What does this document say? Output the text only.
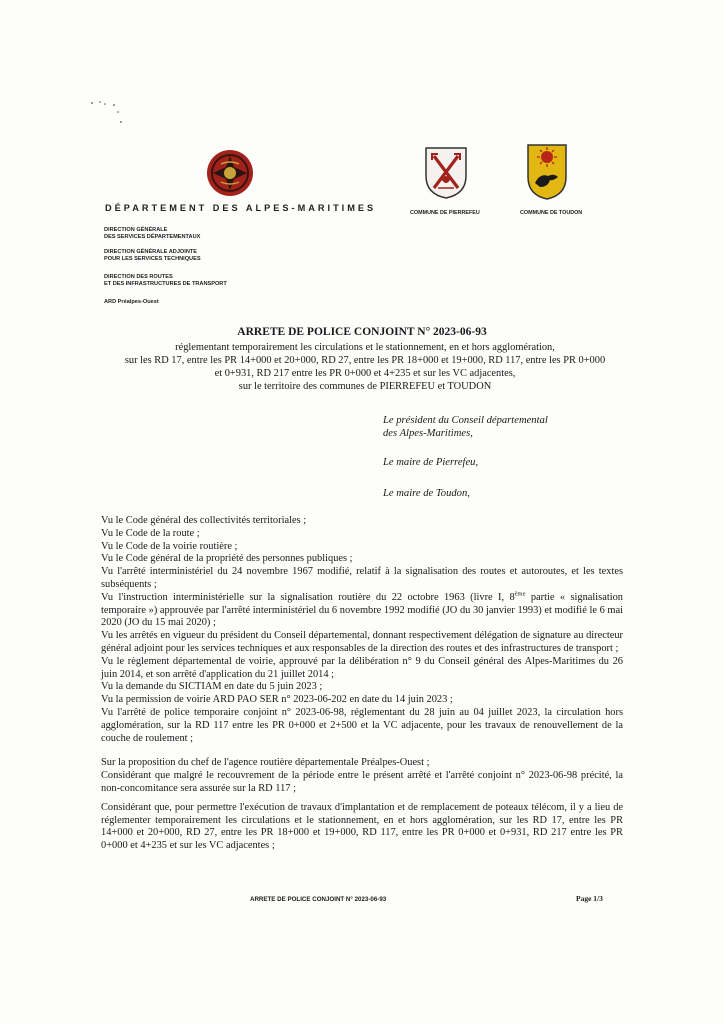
DÉPARTEMENT DES ALPES-MARITIMES
DIRECTION GÉNÉRALE
DES SERVICES DÉPARTEMENTAUX
DIRECTION GÉNÉRALE ADJOINTE
POUR LES SERVICES TECHNIQUES
DIRECTION DES ROUTES
ET DES INFRASTRUCTURES DE TRANSPORT
ARD Préalpes-Ouest
COMMUNE DE PIERREFEU	COMMUNE DE TOUDON
ARRETE DE POLICE CONJOINT N° 2023-06-93
réglementant temporairement les circulations et le stationnement, en et hors agglomération,
sur les RD 17, entre les PR 14+000 et 20+000, RD 27, entre les PR 18+000 et 19+000, RD 117, entre les PR 0+000
et 0+931, RD 217 entre les PR 0+000 et 4+235 et sur les VC adjacentes,
sur le territoire des communes de PIERREFEU et TOUDON
Le président du Conseil départemental
des Alpes-Maritimes,
Le maire de Pierrefeu,
Le maire de Toudon,

Vu le Code général des collectivités territoriales ;

Vu le Code de la route ;

Vu le Code de la voirie routière ;

Vu le Code général de la propriété des personnes publiques ;

Vu l'arrêté interministériel du 24 novembre 1967 modifié, relatif à la signalisation des routes et autoroutes, et les textes subséquents ;

Vu l'instruction interministérielle sur la signalisation routière du 22 octobre 1963 (livre I, 8ème partie « signalisation temporaire ») approuvée par l'arrêté interministériel du 6 novembre 1992 modifié (JO du 30 janvier 1993) et modifié le 6 mai 2020 (JO du 15 mai 2020) ;

Vu les arrêtés en vigueur du président du Conseil départemental, donnant respectivement délégation de signature au directeur général adjoint pour les services techniques et aux responsables de la direction des routes et des infrastructures de transport ;

Vu le règlement départemental de voirie, approuvé par la délibération n° 9 du Conseil général des Alpes-Maritimes du 26 juin 2014, et son arrêté d'application du 21 juillet 2014 ;

Vu la demande du SICTIAM en date du 5 juin 2023 ;

Vu la permission de voirie ARD PAO SER n° 2023-06-202 en date du 14 juin 2023 ;

Vu l'arrêté de police temporaire conjoint n° 2023-06-98, réglementant du 28 juin au 04 juillet 2023, la circulation hors agglomération, sur la RD 117 entre les PR 0+000 et 2+500 et la VC adjacente, pour les travaux de renouvellement de la couche de roulement ;

Sur la proposition du chef de l'agence routière départementale Préalpes-Ouest ;

Considérant que malgré le recouvrement de la période entre le présent arrêté et l'arrêté conjoint n° 2023-06-98 précité, la non-concomitance sera assurée sur la RD 117 ;

Considérant que, pour permettre l'exécution de travaux d'implantation et de remplacement de poteaux télécom, il y a lieu de réglementer temporairement les circulations et le stationnement, en et hors agglomération, sur les RD 17, entre les PR 14+000 et 20+000, RD 27, entre les PR 18+000 et 19+000, RD 117, entre les PR 0+000 et 0+931, RD 217 entre les PR 0+000 et 4+235 et sur les VC adjacentes ;

ARRETE DE POLICE CONJOINT N° 2023-06-93	Page 1/3
